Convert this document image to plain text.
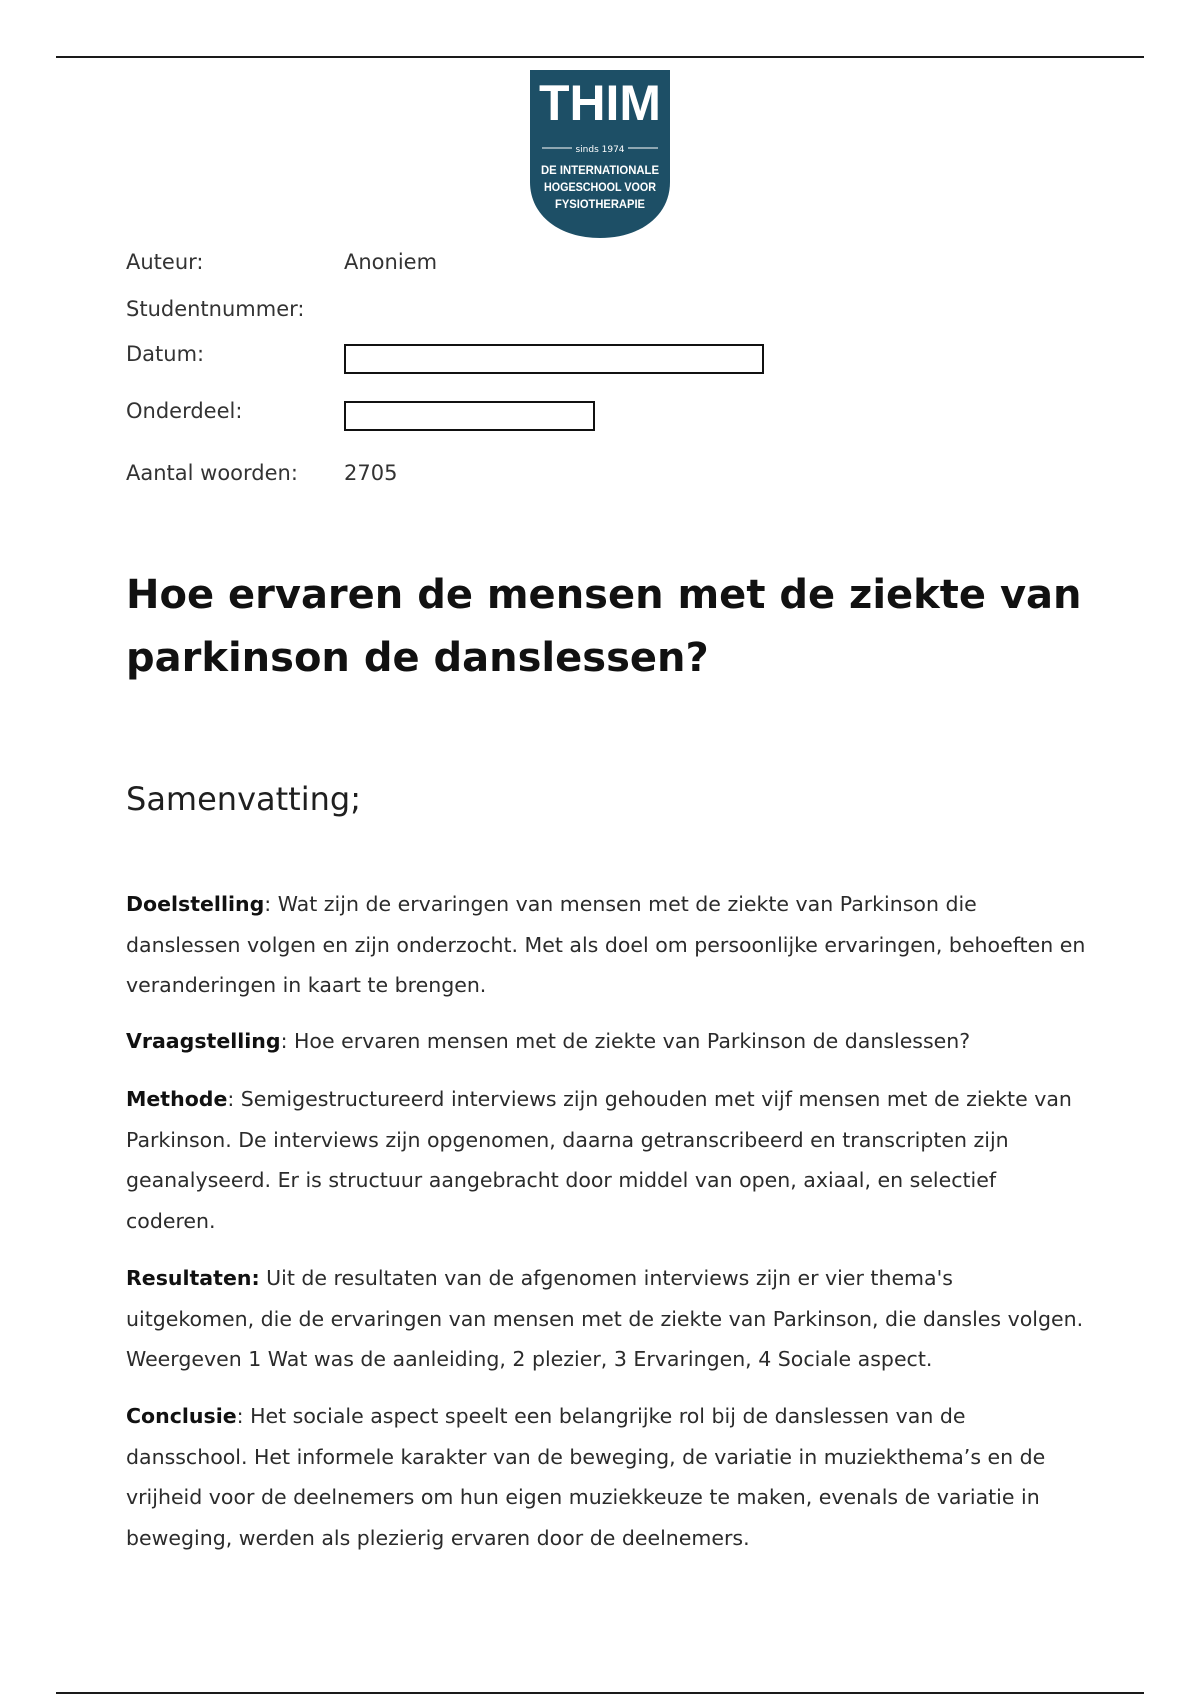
THIM
sinds 1974
DE INTERNATIONALE
HOGESCHOOL VOOR
FYSIOTHERAPIE
Auteur:	Anoniem
Studentnummer:
Datum:
Onderdeel:
Aantal woorden: 2705
Hoe ervaren de mensen met de ziekte van parkinson de danslessen?
Samenvatting;

Doelstelling: Wat zijn de ervaringen van mensen met de ziekte van Parkinson die danslessen volgen en zijn onderzocht. Met als doel om persoonlijke ervaringen, behoeften en veranderingen in kaart te brengen.

Vraagstelling: Hoe ervaren mensen met de ziekte van Parkinson de danslessen?

Methode: Semigestructureerd interviews zijn gehouden met vijf mensen met de ziekte van Parkinson. De interviews zijn opgenomen, daarna getranscribeerd en transcripten zijn geanalyseerd. Er is structuur aangebracht door middel van open, axiaal, en selectief coderen.

Resultaten: Uit de resultaten van de afgenomen interviews zijn er vier thema's uitgekomen, die de ervaringen van mensen met de ziekte van Parkinson, die dansles volgen. Weergeven 1 Wat was de aanleiding, 2 plezier, 3 Ervaringen, 4 Sociale aspect.

Conclusie: Het sociale aspect speelt een belangrijke rol bij de danslessen van de dansschool. Het informele karakter van de beweging, de variatie in muziekthema’s en de vrijheid voor de deelnemers om hun eigen muziekkeuze te maken, evenals de variatie in beweging, werden als plezierig ervaren door de deelnemers.
